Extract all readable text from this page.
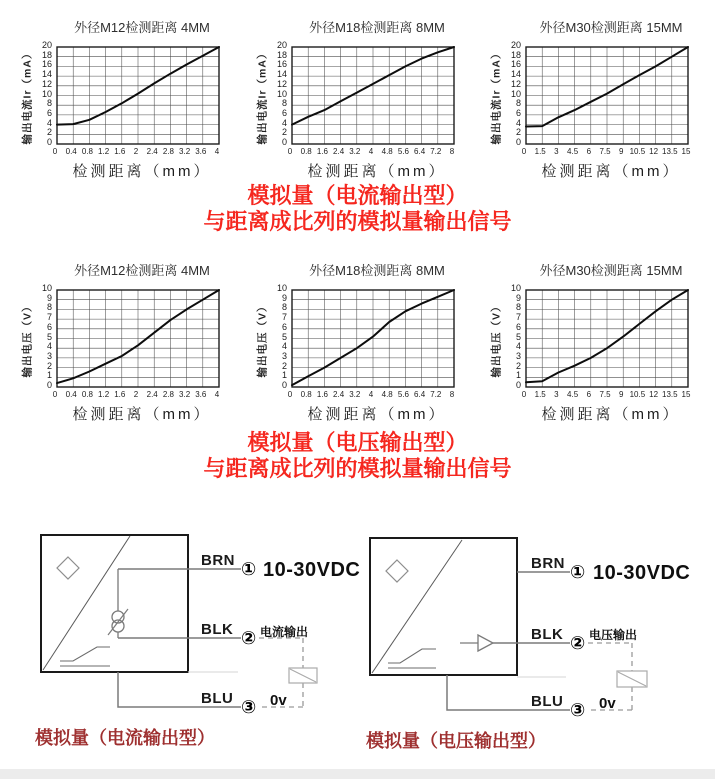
外径M12检测距离 4MM
输出电流Ir（mA）
20
18
16
14
12
10
8
6
4
2
0
0 0.4 0.8 1.2 1.6 2 2.4 2.8 3.2 3.6 4
检测距离（mm）
外径M18检测距离 8MM
输出电流Ir（mA）
20
18
16
14
12
10
8
6
4
2
0
0 0.8 1.6 2.4 3.2 4 4.8 5.6 6.4 7.2 8
检测距离（mm）
外径M30检测距离 15MM
输出电流Ir（mA）
20
18
16
14
12
10
8
6
4
2
0
0 1.5 3 4.5 6 7.5 9 10.5 12 13.5 15
检测距离（mm）
模拟量（电流输出型）
与距离成比列的模拟量输出信号
外径M12检测距离 4MM
输出电压（V）
10
9
8
7
6
5
4
3
2
1
0
0 0.4 0.8 1.2 1.6 2 2.4 2.8 3.2 3.6 4
检测距离（mm）
外径M18检测距离 8MM
输出电压（V）
10
9
8
7
6
5
4
3
2
1
0
0 0.8 1.6 2.4 3.2 4 4.8 5.6 6.4 7.2 8
检测距离（mm）
外径M30检测距离 15MM
输出电压（V）
10
9
8
7
6
5
4
3
2
1
0
0 1.5 3 4.5 6 7.5 9 10.5 12 13.5 15
检测距离（mm）
模拟量（电压输出型）
与距离成比列的模拟量输出信号
BRN ① 10-30VDC
BLK ② 电流输出
BLU ③ 0v
模拟量（电流输出型）
BRN ① 10-30VDC
BLK ② 电压输出
BLU ③ 0v
模拟量（电压输出型）
